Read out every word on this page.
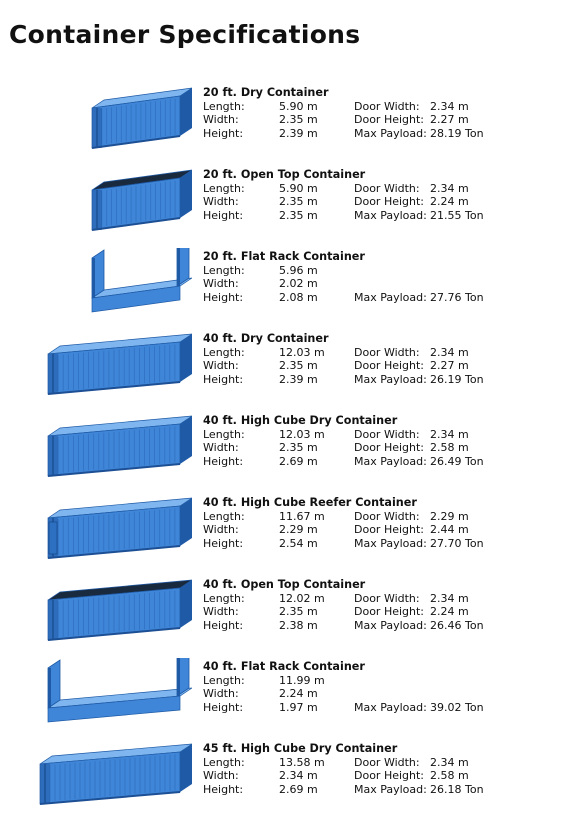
Container Specifications
20 ft. Dry Container
Length:	5.90 m	Door Width: 2.34 m
Width:	2.35 m	Door Height: 2.27 m
Height:	2.39 m	Max Payload: 28.19 Ton
20 ft. Open Top Container
Length:	5.90 m	Door Width: 2.34 m
Width:	2.35 m	Door Height: 2.24 m
Height:	2.35 m	Max Payload: 21.55 Ton
20 ft. Flat Rack Container
Length:	5.96 m
Width:	2.02 m
Height:	2.08 m	Max Payload: 27.76 Ton
40 ft. Dry Container
Length:	12.03 m	Door Width: 2.34 m
Width:	2.35 m	Door Height: 2.27 m
Height:	2.39 m	Max Payload: 26.19 Ton
40 ft. High Cube Dry Container
Length:	12.03 m	Door Width: 2.34 m
Width:	2.35 m	Door Height: 2.58 m
Height:	2.69 m	Max Payload: 26.49 Ton
40 ft. High Cube Reefer Container
Length:	11.67 m	Door Width: 2.29 m
Width:	2.29 m	Door Height: 2.44 m
Height:	2.54 m	Max Payload: 27.70 Ton
40 ft. Open Top Container
Length:	12.02 m	Door Width: 2.34 m
Width:	2.35 m	Door Height: 2.24 m
Height:	2.38 m	Max Payload: 26.46 Ton
40 ft. Flat Rack Container
Length:	11.99 m
Width:	2.24 m
Height:	1.97 m	Max Payload: 39.02 Ton
45 ft. High Cube Dry Container
Length:	13.58 m	Door Width: 2.34 m
Width:	2.34 m	Door Height: 2.58 m
Height:	2.69 m	Max Payload: 26.18 Ton
